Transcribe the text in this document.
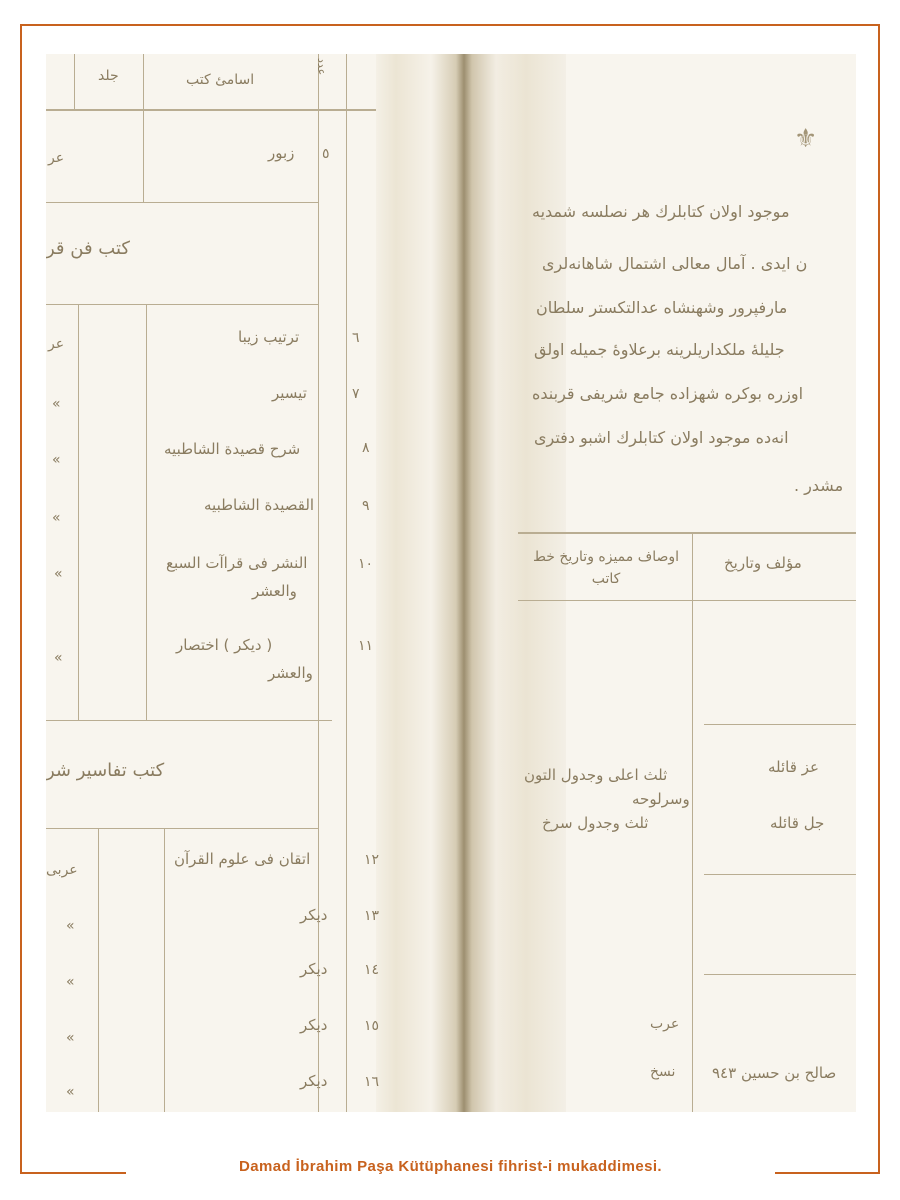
اسامئ كتب
جلد
عدد
كتب فن قر
كتب تفاسير شر
٥
زبور
عر
٦
ترتيب زيبا
عر
٧
تيسير
»
٨
شرح قصيدة الشاطبيه
»
٩
القصيدة الشاطبيه
»
١٠
النشر فی قراآت السبع
والعشر
»
١١
( دیکر ) اختصار
والعشر
»
١٢
اتقان فی علوم القرآن
عربی
١٣
دیکر
»
١٤
دیکر
»
١٥
دیکر
»
١٦
دیکر
»
⚜
موجود اولان کتابلرك هر نصلسه شمدیه
ن ایدی . آمال معالی اشتمال شاهانه‌لری
مارفپرور وشهنشاه عدالتکستر سلطان
جلیلهٔ ملکداریلرینه برعلاوهٔ جمیله اولق
اوزره بوکره شهزاده جامع شریفی قربنده
انه‌ده موجود اولان کتابلرك اشبو دفتری
مشدر .
مؤلف وتاریخ
اوصاف ممیزه وتاریخ خط کاتب
ثلث اعلی وجدول التون
وسرلوحه
ثلث وجدول سرخ
عز قائله
جل قائله
عرب
نسخ صالح بن حسین ٩٤٣
Damad İbrahim Paşa Kütüphanesi fihrist-i mukaddimesi.
